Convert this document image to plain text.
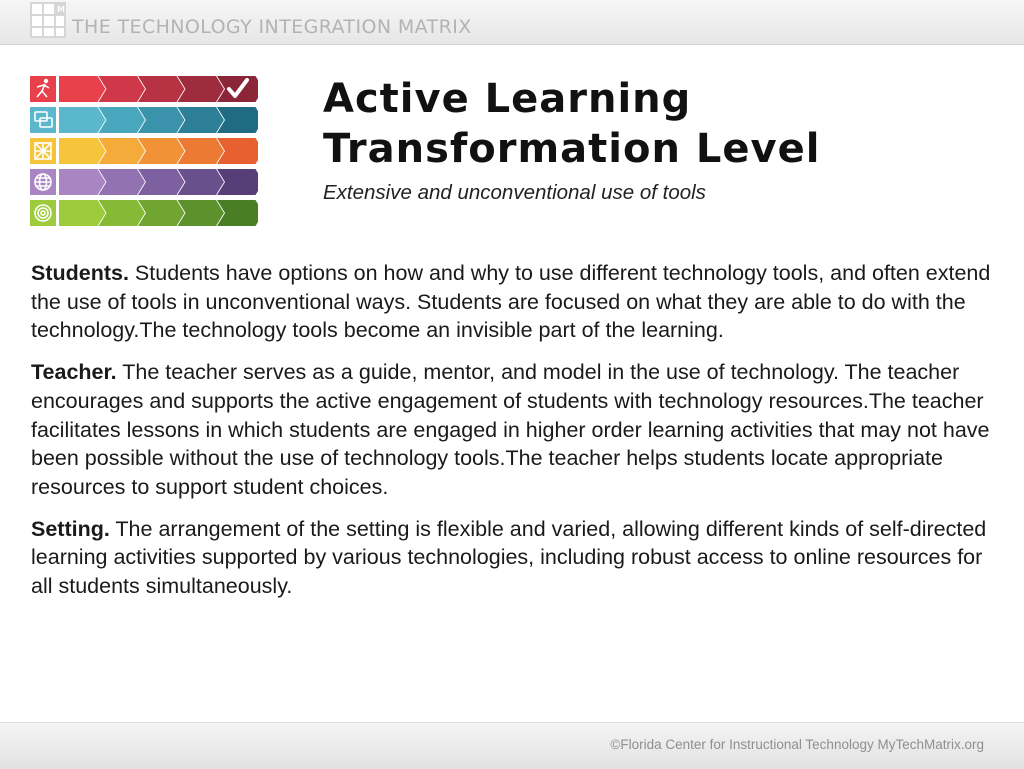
M
THE TECHNOLOGY INTEGRATION MATRIX
Active Learning Transformation Level
Extensive and unconventional use of tools

Students. Students have options on how and why to use different technology tools, and often extend the use of tools in unconventional ways. Students are focused on what they are able to do with the technology.The technology tools become an invisible part of the learning.

Teacher. The teacher serves as a guide, mentor, and model in the use of technology. The teacher encourages and supports the active engagement of students with technology resources.The teacher facilitates lessons in which students are engaged in higher order learning activities that may not have been possible without the use of technology tools.The teacher helps students locate appropriate resources to support student choices.

Setting. The arrangement of the setting is flexible and varied, allowing different kinds of self-directed learning activities supported by various technologies, including robust access to online resources for all students simultaneously.

©Florida Center for Instructional Technology MyTechMatrix.org
